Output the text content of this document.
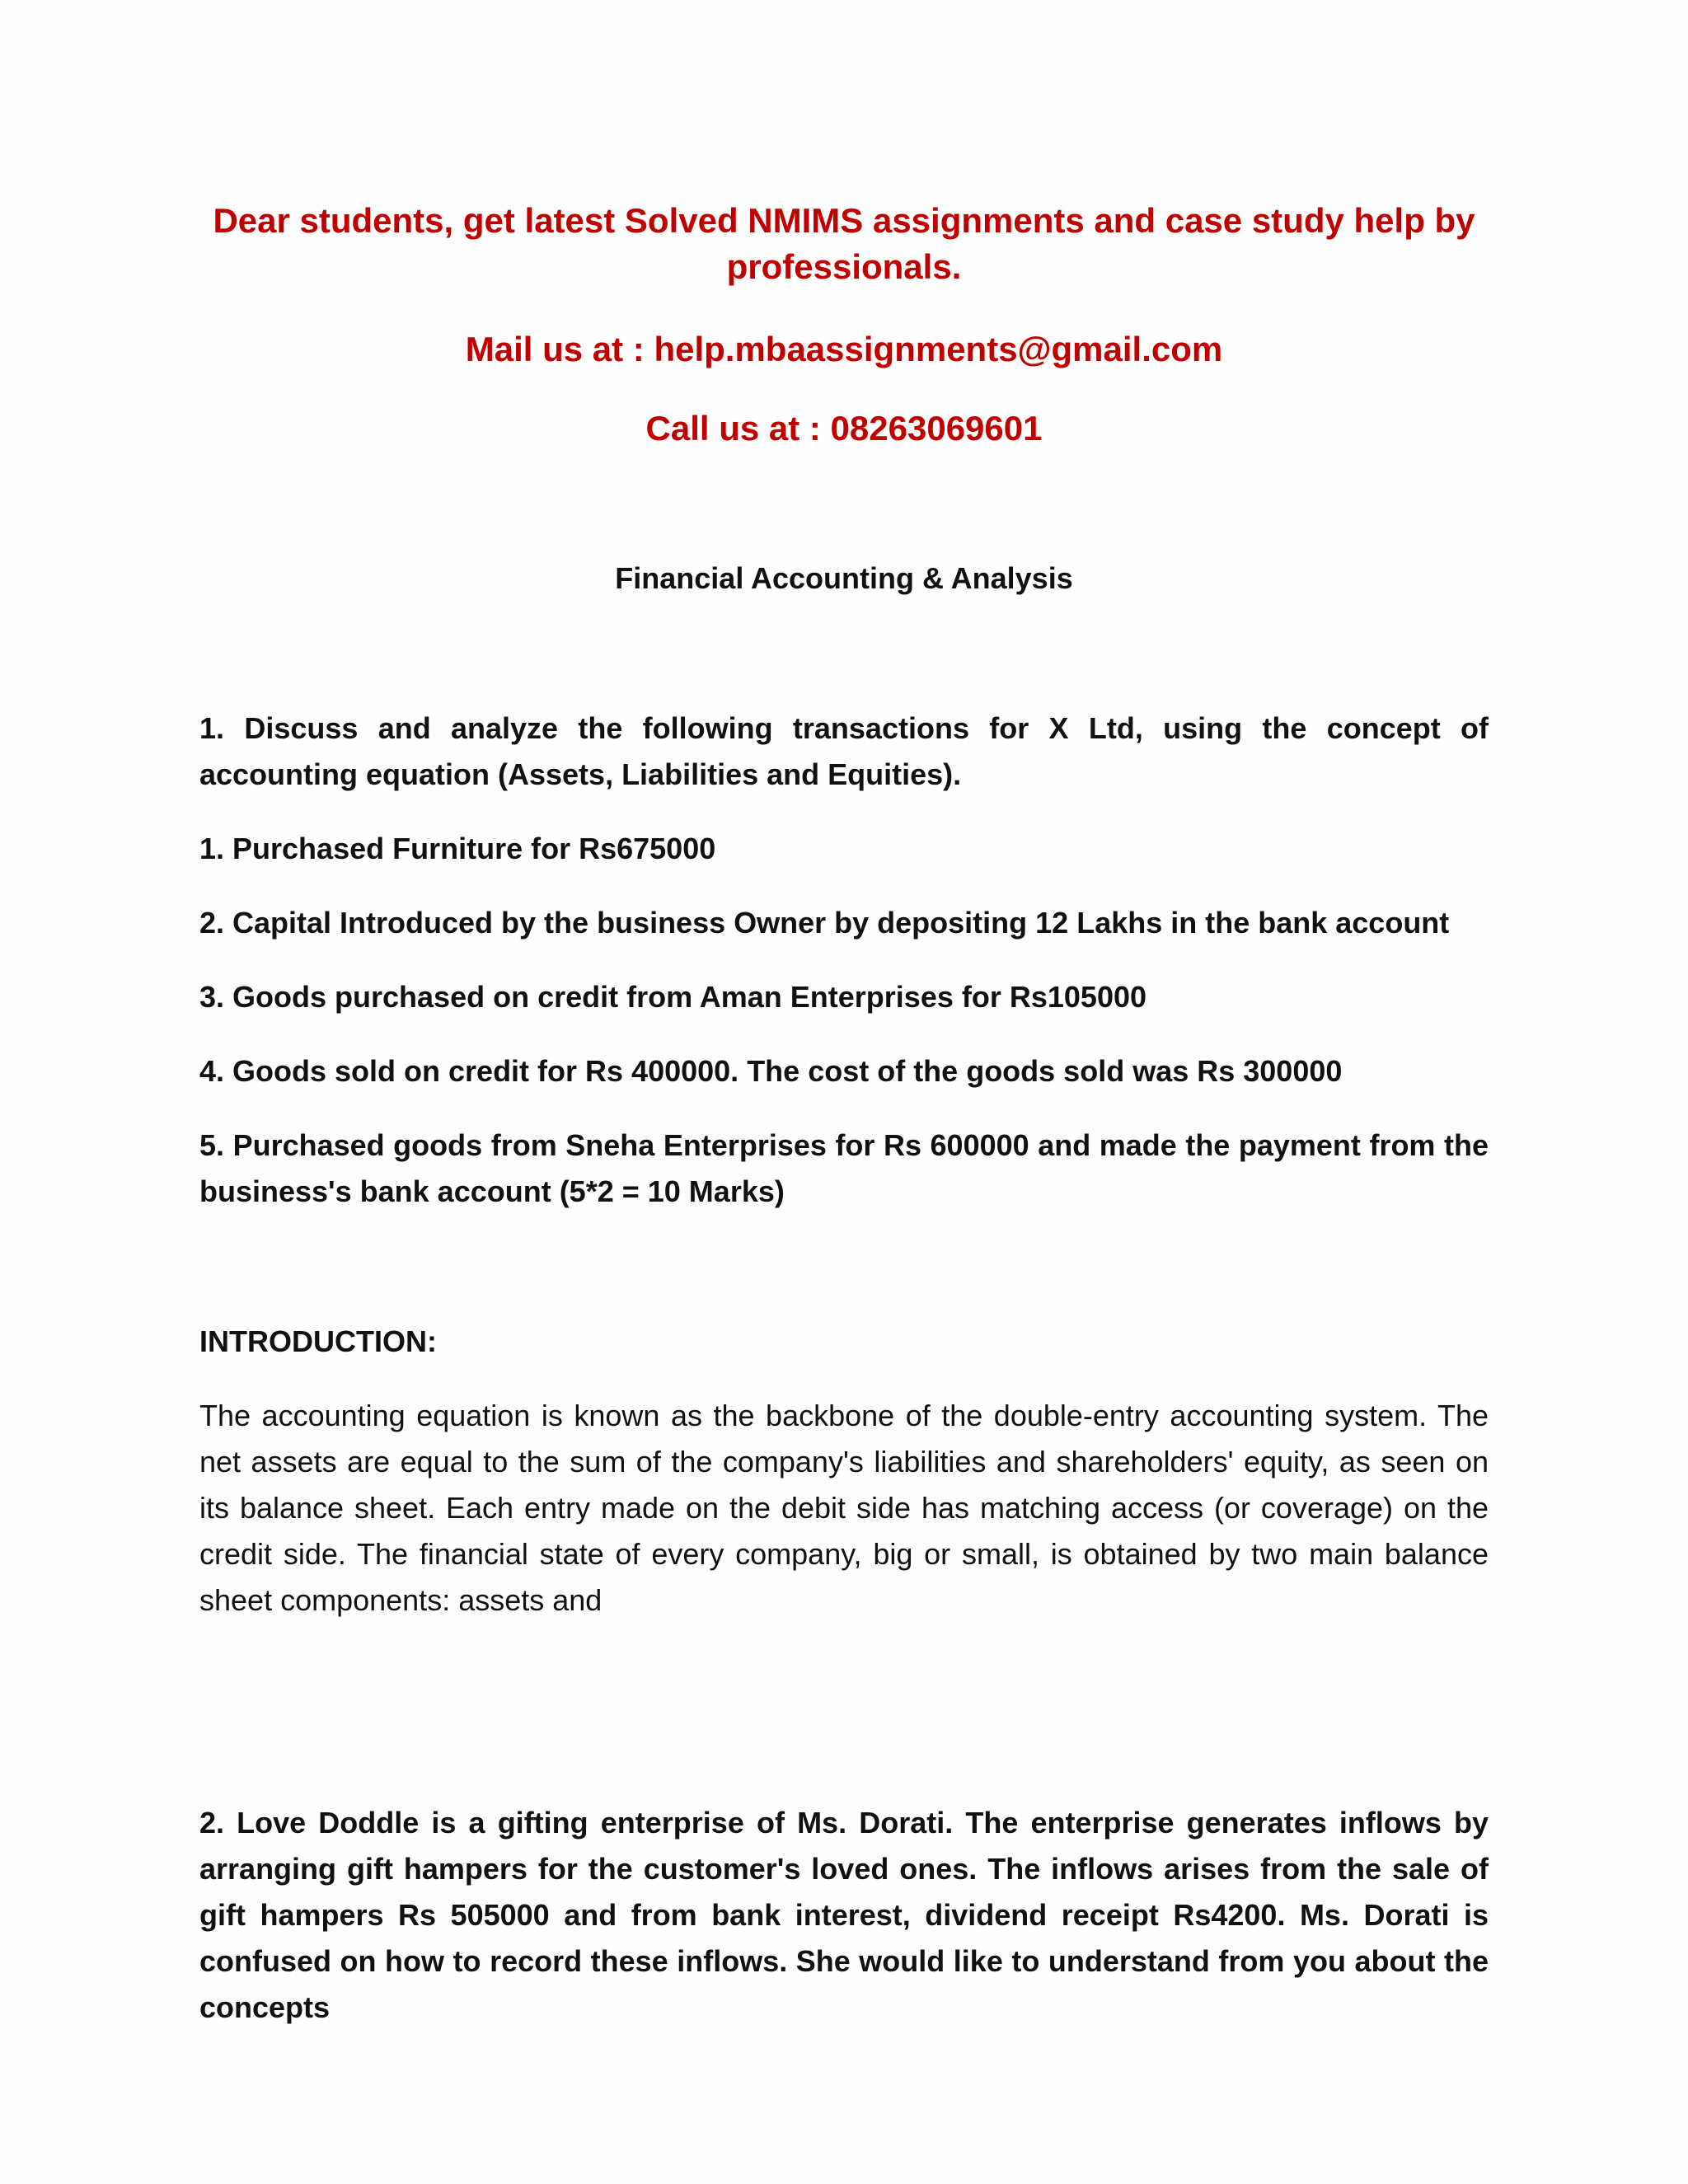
Dear students, get latest Solved NMIMS assignments and case study help by professionals.

Mail us at : help.mbaassignments@gmail.com

Call us at : 08263069601

Financial Accounting & Analysis

1. Discuss and analyze the following transactions for X Ltd, using the concept of accounting equation (Assets, Liabilities and Equities).

1. Purchased Furniture for Rs675000

2. Capital Introduced by the business Owner by depositing 12 Lakhs in the bank account

3. Goods purchased on credit from Aman Enterprises for Rs105000

4. Goods sold on credit for Rs 400000. The cost of the goods sold was Rs 300000

5. Purchased goods from Sneha Enterprises for Rs 600000 and made the payment from the business's bank account (5*2 = 10 Marks)

INTRODUCTION:

The accounting equation is known as the backbone of the double-entry accounting system. The net assets are equal to the sum of the company's liabilities and shareholders' equity, as seen on its balance sheet. Each entry made on the debit side has matching access (or coverage) on the credit side. The financial state of every company, big or small, is obtained by two main balance sheet components: assets and

2. Love Doddle is a gifting enterprise of Ms. Dorati. The enterprise generates inflows by arranging gift hampers for the customer's loved ones. The inflows arises from the sale of gift hampers Rs 505000 and from bank interest, dividend receipt Rs4200. Ms. Dorati is confused on how to record these inflows. She would like to understand from you about the concepts
